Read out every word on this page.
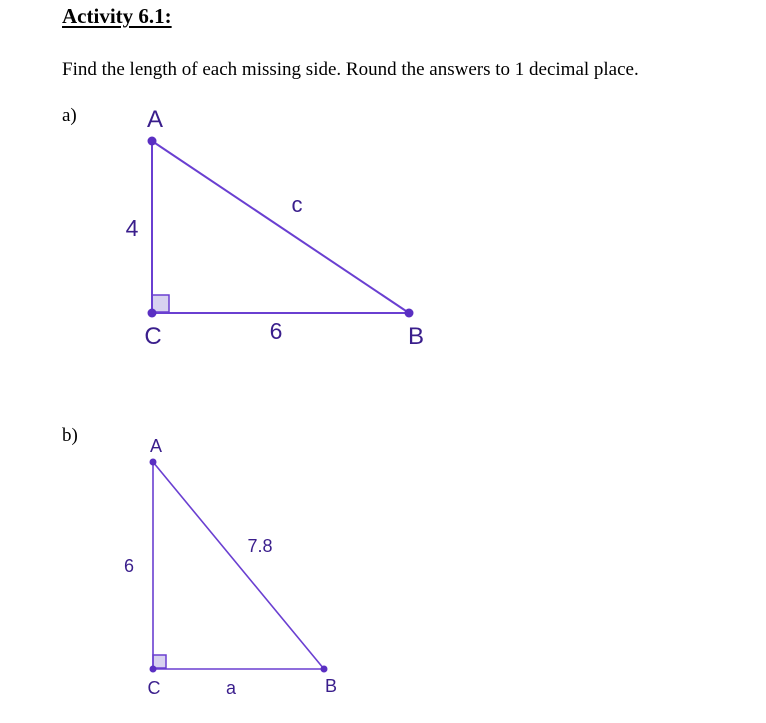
Activity 6.1:

Find the length of each missing side. Round the answers to 1 decimal place.

a)	A
C	B
4
6
c

b)	A
C	B
6
a
7.8
